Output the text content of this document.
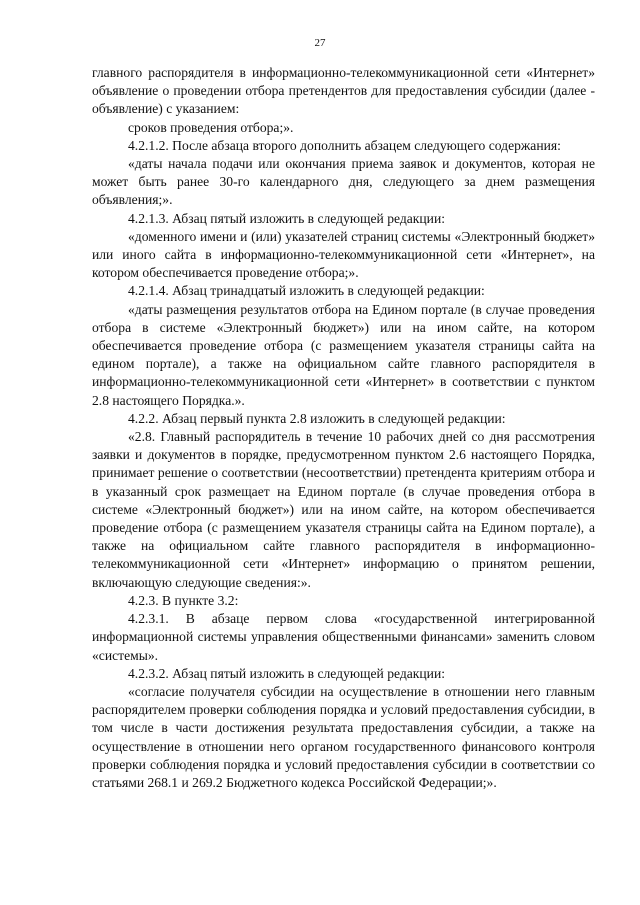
27

главного распорядителя в информационно-телекоммуникационной сети «Интернет» объявление о проведении отбора претендентов для предоставления субсидии (далее - объявление) с указанием:

сроков проведения отбора;».

4.2.1.2. После абзаца второго дополнить абзацем следующего содержания:

«даты начала подачи или окончания приема заявок и документов, которая не может быть ранее 30-го календарного дня, следующего за днем размещения объявления;».

4.2.1.3. Абзац пятый изложить в следующей редакции:

«доменного имени и (или) указателей страниц системы «Электронный бюджет» или иного сайта в информационно-телекоммуникационной сети «Интернет», на котором обеспечивается проведение отбора;».

4.2.1.4. Абзац тринадцатый изложить в следующей редакции:

«даты размещения результатов отбора на Едином портале (в случае проведения отбора в системе «Электронный бюджет») или на ином сайте, на котором обеспечивается проведение отбора (с размещением указателя страницы сайта на едином портале), а также на официальном сайте главного распорядителя в информационно-телекоммуникационной сети «Интернет» в соответствии с пунктом 2.8 настоящего Порядка.».

4.2.2. Абзац первый пункта 2.8 изложить в следующей редакции:

«2.8. Главный распорядитель в течение 10 рабочих дней со дня рассмотрения заявки и документов в порядке, предусмотренном пунктом 2.6 настоящего Порядка, принимает решение о соответствии (несоответствии) претендента критериям отбора и в указанный срок размещает на Едином портале (в случае проведения отбора в системе «Электронный бюджет») или на ином сайте, на котором обеспечивается проведение отбора (с размещением указателя страницы сайта на Едином портале), а также на официальном сайте главного распорядителя в информационно-телекоммуникационной сети «Интернет» информацию о принятом решении, включающую следующие сведения:».

4.2.3. В пункте 3.2:

4.2.3.1. В абзаце первом слова «государственной интегрированной информационной системы управления общественными финансами» заменить словом «системы».

4.2.3.2. Абзац пятый изложить в следующей редакции:

«согласие получателя субсидии на осуществление в отношении него главным распорядителем проверки соблюдения порядка и условий предоставления субсидии, в том числе в части достижения результата предоставления субсидии, а также на осуществление в отношении него органом государственного финансового контроля проверки соблюдения порядка и условий предоставления субсидии в соответствии со статьями 268.1 и 269.2 Бюджетного кодекса Российской Федерации;».
